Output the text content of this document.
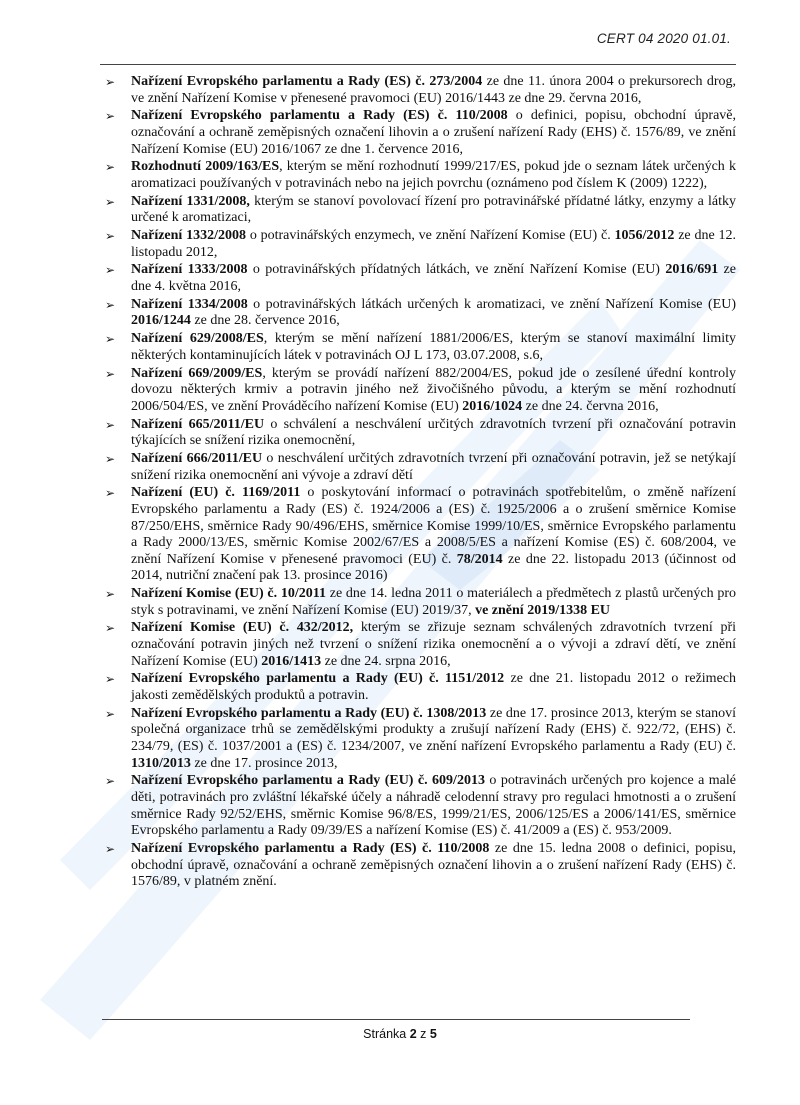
CERT 04 2020 01.01.
➢ Nařízení Evropského parlamentu a Rady (ES) č. 273/2004 ze dne 11. února 2004 o prekursorech drog, ve znění Nařízení Komise v přenesené pravomoci (EU) 2016/1443 ze dne 29. června 2016,
➢ Nařízení Evropského parlamentu a Rady (ES) č. 110/2008 o definici, popisu, obchodní úpravě, označování a ochraně zeměpisných označení lihovin a o zrušení nařízení Rady (EHS) č. 1576/89, ve znění Nařízení Komise (EU) 2016/1067 ze dne 1. července 2016,
➢ Rozhodnutí 2009/163/ES, kterým se mění rozhodnutí 1999/217/ES, pokud jde o seznam látek určených k aromatizaci používaných v potravinách nebo na jejich povrchu (oznámeno pod číslem K (2009) 1222),
➢ Nařízení 1331/2008, kterým se stanoví povolovací řízení pro potravinářské přídatné látky, enzymy a látky určené k aromatizaci,
➢ Nařízení 1332/2008 o potravinářských enzymech, ve znění Nařízení Komise (EU) č. 1056/2012 ze dne 12. listopadu 2012,
➢ Nařízení 1333/2008 o potravinářských přídatných látkách, ve znění Nařízení Komise (EU) 2016/691 ze dne 4. května 2016,
➢ Nařízení 1334/2008 o potravinářských látkách určených k aromatizaci, ve znění Nařízení Komise (EU) 2016/1244 ze dne 28. července 2016,
➢ Nařízení 629/2008/ES, kterým se mění nařízení 1881/2006/ES, kterým se stanoví maximální limity některých kontaminujících látek v potravinách OJ L 173, 03.07.2008, s.6,
➢ Nařízení 669/2009/ES, kterým se provádí nařízení 882/2004/ES, pokud jde o zesílené úřední kontroly dovozu některých krmiv a potravin jiného než živočišného původu, a kterým se mění rozhodnutí 2006/504/ES, ve znění Prováděcího nařízení Komise (EU) 2016/1024 ze dne 24. června 2016,
➢ Nařízení 665/2011/EU o schválení a neschválení určitých zdravotních tvrzení při označování potravin týkajících se snížení rizika onemocnění,
➢ Nařízení 666/2011/EU o neschválení určitých zdravotních tvrzení při označování potravin, jež se netýkají snížení rizika onemocnění ani vývoje a zdraví dětí
➢ Nařízení (EU) č. 1169/2011 o poskytování informací o potravinách spotřebitelům, o změně nařízení Evropského parlamentu a Rady (ES) č. 1924/2006 a (ES) č. 1925/2006 a o zrušení směrnice Komise 87/250/EHS, směrnice Rady 90/496/EHS, směrnice Komise 1999/10/ES, směrnice Evropského parlamentu a Rady 2000/13/ES, směrnic Komise 2002/67/ES a 2008/5/ES a nařízení Komise (ES) č. 608/2004, ve znění Nařízení Komise v přenesené pravomoci (EU) č. 78/2014 ze dne 22. listopadu 2013 (účinnost od 2014, nutriční značení pak 13. prosince 2016)
➢ Nařízení Komise (EU) č. 10/2011 ze dne 14. ledna 2011 o materiálech a předmětech z plastů určených pro styk s potravinami, ve znění Nařízení Komise (EU) 2019/37, ve znění 2019/1338 EU
➢ Nařízení Komise (EU) č. 432/2012, kterým se zřizuje seznam schválených zdravotních tvrzení při označování potravin jiných než tvrzení o snížení rizika onemocnění a o vývoji a zdraví dětí, ve znění Nařízení Komise (EU) 2016/1413 ze dne 24. srpna 2016,
➢ Nařízení Evropského parlamentu a Rady (EU) č. 1151/2012 ze dne 21. listopadu 2012 o režimech jakosti zemědělských produktů a potravin.
➢ Nařízení Evropského parlamentu a Rady (EU) č. 1308/2013 ze dne 17. prosince 2013, kterým se stanoví společná organizace trhů se zemědělskými produkty a zrušují nařízení Rady (EHS) č. 922/72, (EHS) č. 234/79, (ES) č. 1037/2001 a (ES) č. 1234/2007, ve znění nařízení Evropského parlamentu a Rady (EU) č. 1310/2013 ze dne 17. prosince 2013,
➢ Nařízení Evropského parlamentu a Rady (EU) č. 609/2013 o potravinách určených pro kojence a malé děti, potravinách pro zvláštní lékařské účely a náhradě celodenní stravy pro regulaci hmotnosti a o zrušení směrnice Rady 92/52/EHS, směrnic Komise 96/8/ES, 1999/21/ES, 2006/125/ES a 2006/141/ES, směrnice Evropského parlamentu a Rady 09/39/ES a nařízení Komise (ES) č. 41/2009 a (ES) č. 953/2009.
➢ Nařízení Evropského parlamentu a Rady (ES) č. 110/2008 ze dne 15. ledna 2008 o definici, popisu, obchodní úpravě, označování a ochraně zeměpisných označení lihovin a o zrušení nařízení Rady (EHS) č. 1576/89, v platném znění.
Stránka 2 z 5
